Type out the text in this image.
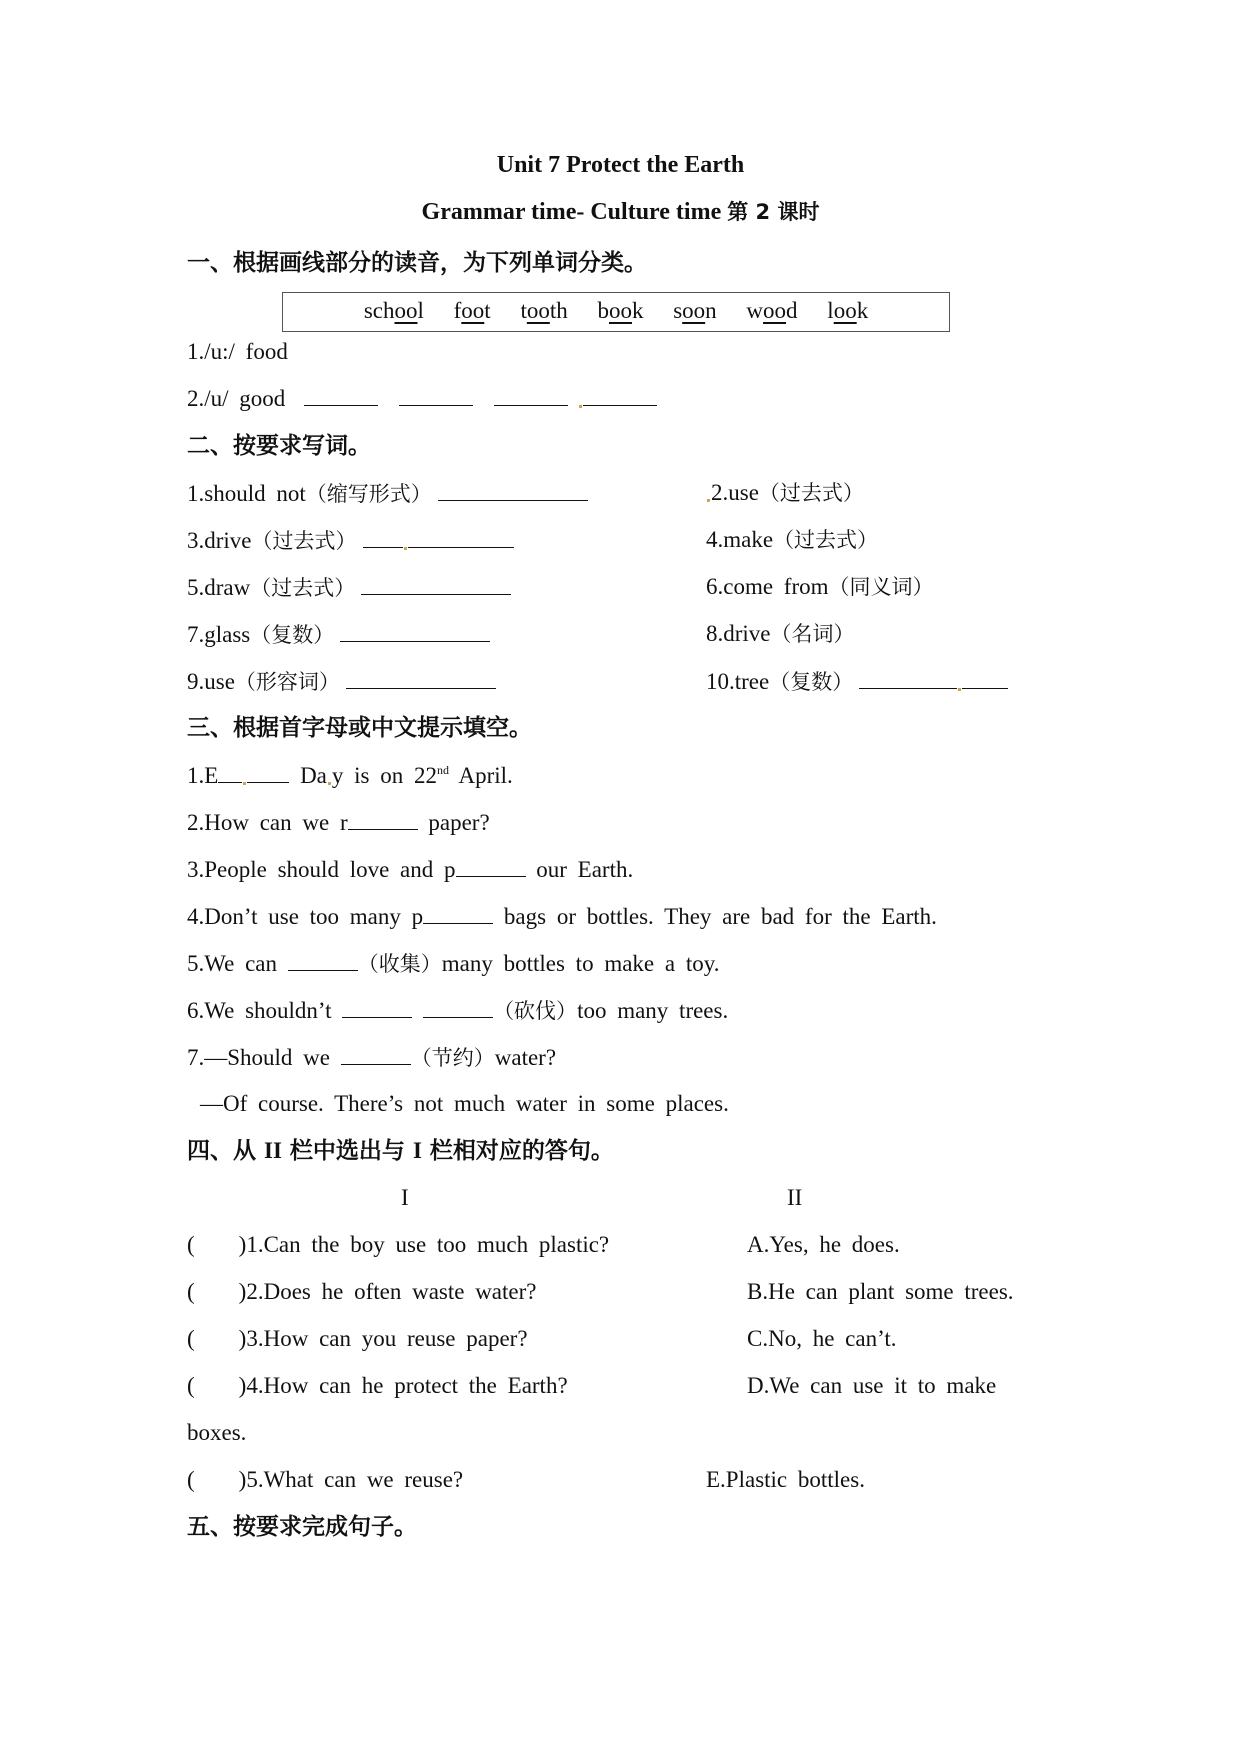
Unit 7 Protect the Earth
Grammar time- Culture time 第 2 课时
一、根据画线部分的读音，为下列单词分类。
school foot tooth book soon wood look
1./u:/ food
2./u/ good
二、按要求写词。
1.should not（缩写形式）	2.use（过去式）
3.drive（过去式）	4.make（过去式）
5.draw（过去式）	6.come from（同义词）
7.glass（复数）	8.drive（名词）
9.use（形容词）	10.tree（复数）
三、根据首字母或中文提示填空。
1.E	Da y is on 22nd April.
2.How can we r	paper?
3.People should love and p	our Earth.
4.Don’t use too many p	bags or bottles. They are bad for the Earth.
5.We can	（收集）many bottles to make a toy.
6.We shouldn’t	（砍伐）too many trees.
7.—Should we	（节约）water?
—Of course. There’s not much water in some places.
四、从 II 栏中选出与 I 栏相对应的答句。
I	II
( )1.Can the boy use too much plastic?	A.Yes, he does.
( )2.Does he often waste water?	B.He can plant some trees.
( )3.How can you reuse paper?	C.No, he can’t.
( )4.How can he protect the Earth?	D.We can use it to make
boxes.
( )5.What can we reuse?	E.Plastic bottles.
五、按要求完成句子。
